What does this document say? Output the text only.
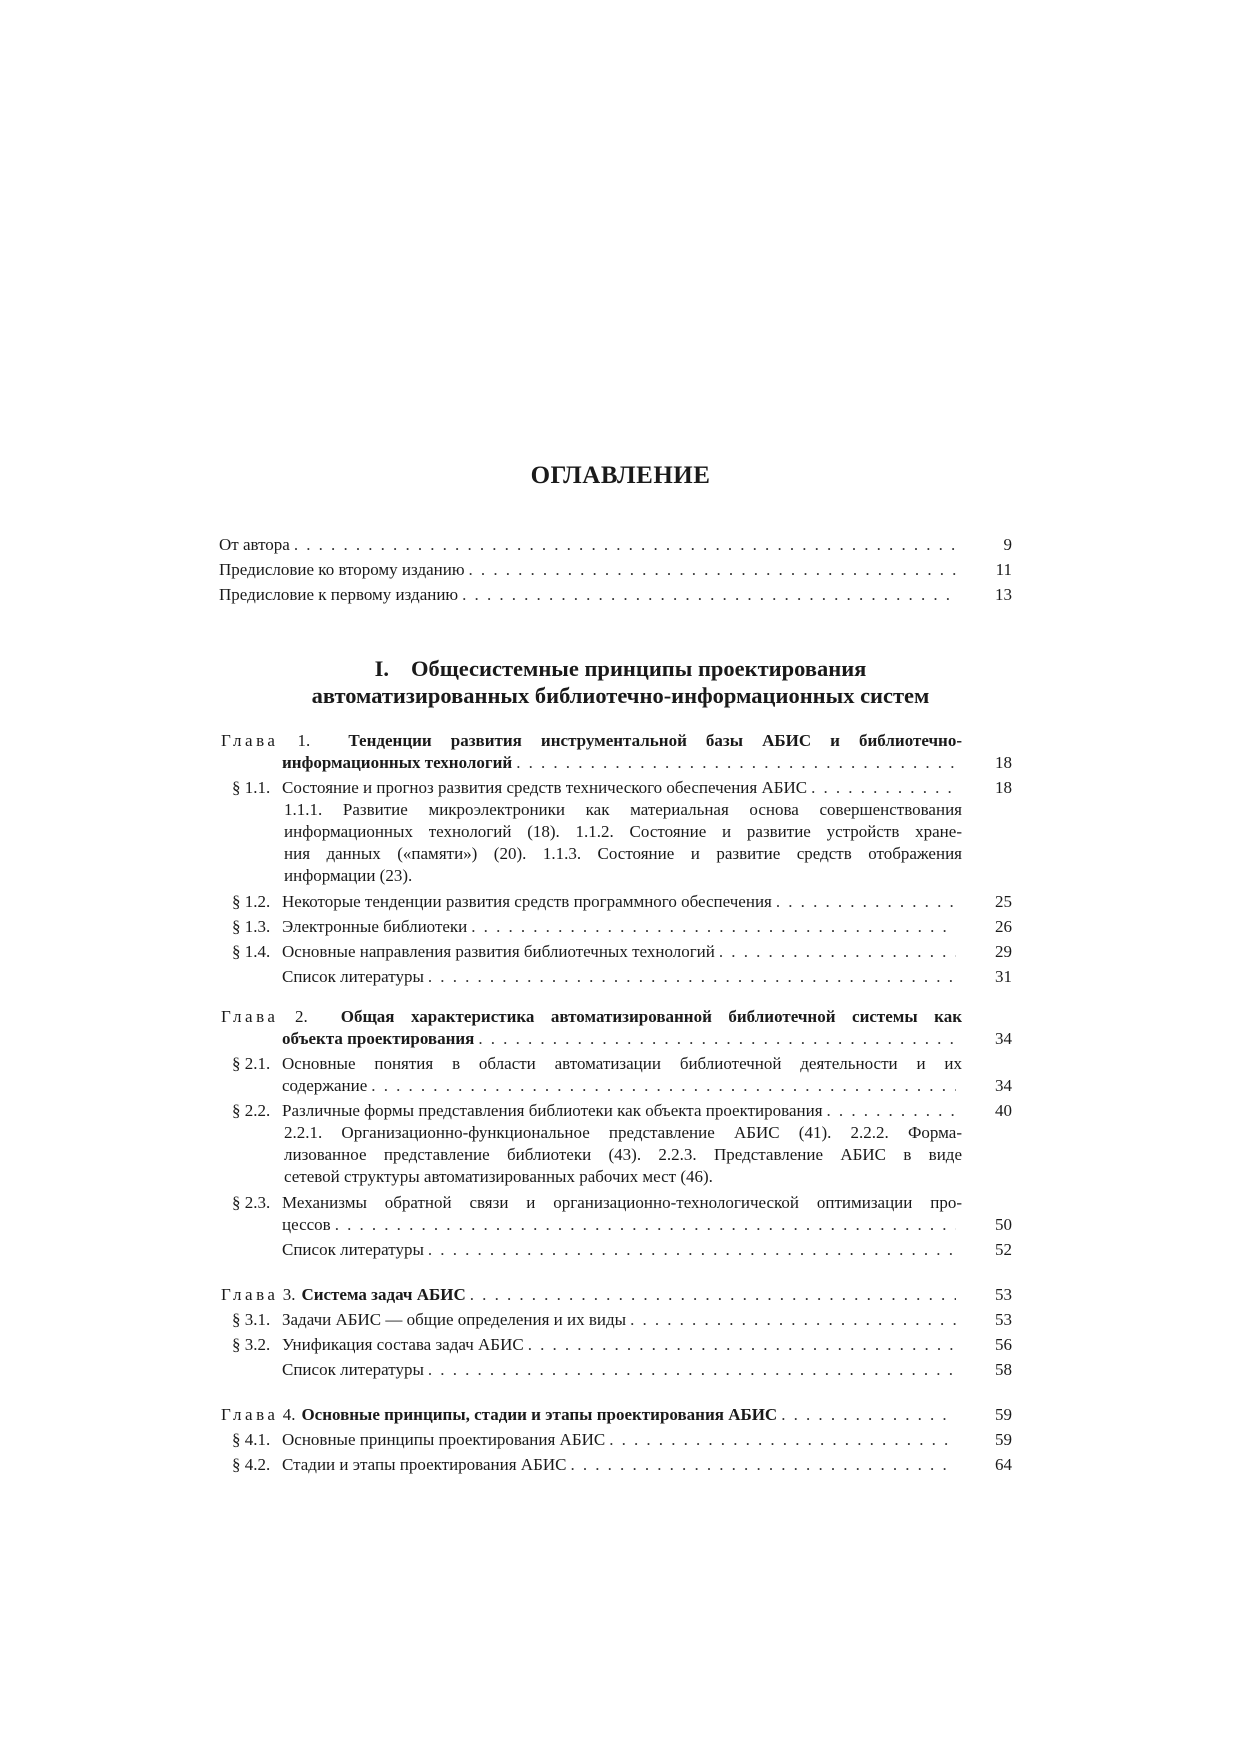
ОГЛАВЛЕНИЕ
От автора . . .	9
Предисловие ко второму изданию . . .	11
Предисловие к первому изданию . . .	13
I. Общесистемные принципы проектирования
автоматизированных библиотечно-информационных систем
Глава 1. Тенденции развития инструментальной базы АБИС и библиотечно-
информационных технологий . . .	18
§ 1.1. Состояние и прогноз развития средств технического обеспечения АБИС . . .	18
1.1.1. Развитие микроэлектроники как материальная основа совершенствования
информационных технологий (18). 1.1.2. Состояние и развитие устройств хране-
ния данных («памяти») (20). 1.1.3. Состояние и развитие средств отображения
информации (23).
§ 1.2. Некоторые тенденции развития средств программного обеспечения . . .	25
§ 1.3. Электронные библиотеки . . .	26
§ 1.4. Основные направления развития библиотечных технологий . . .	29
Список литературы . . .	31
Глава 2. Общая характеристика автоматизированной библиотечной системы как
объекта проектирования . . .	34
§ 2.1. Основные понятия в области автоматизации библиотечной деятельности и их
содержание . . .	34
§ 2.2. Различные формы представления библиотеки как объекта проектирования . . .	40
2.2.1. Организационно-функциональное представление АБИС (41). 2.2.2. Форма-
лизованное представление библиотеки (43). 2.2.3. Представление АБИС в виде
сетевой структуры автоматизированных рабочих мест (46).
§ 2.3. Механизмы обратной связи и организационно-технологической оптимизации про-
цессов . . .	50
Список литературы . . .	52
Глава 3. Система задач АБИС . . .	53
§ 3.1. Задачи АБИС — общие определения и их виды . . .	53
§ 3.2. Унификация состава задач АБИС . . .	56
Список литературы . . .	58
Глава 4. Основные принципы, стадии и этапы проектирования АБИС . . .	59
§ 4.1. Основные принципы проектирования АБИС . . .	59
§ 4.2. Стадии и этапы проектирования АБИС . . .	64
